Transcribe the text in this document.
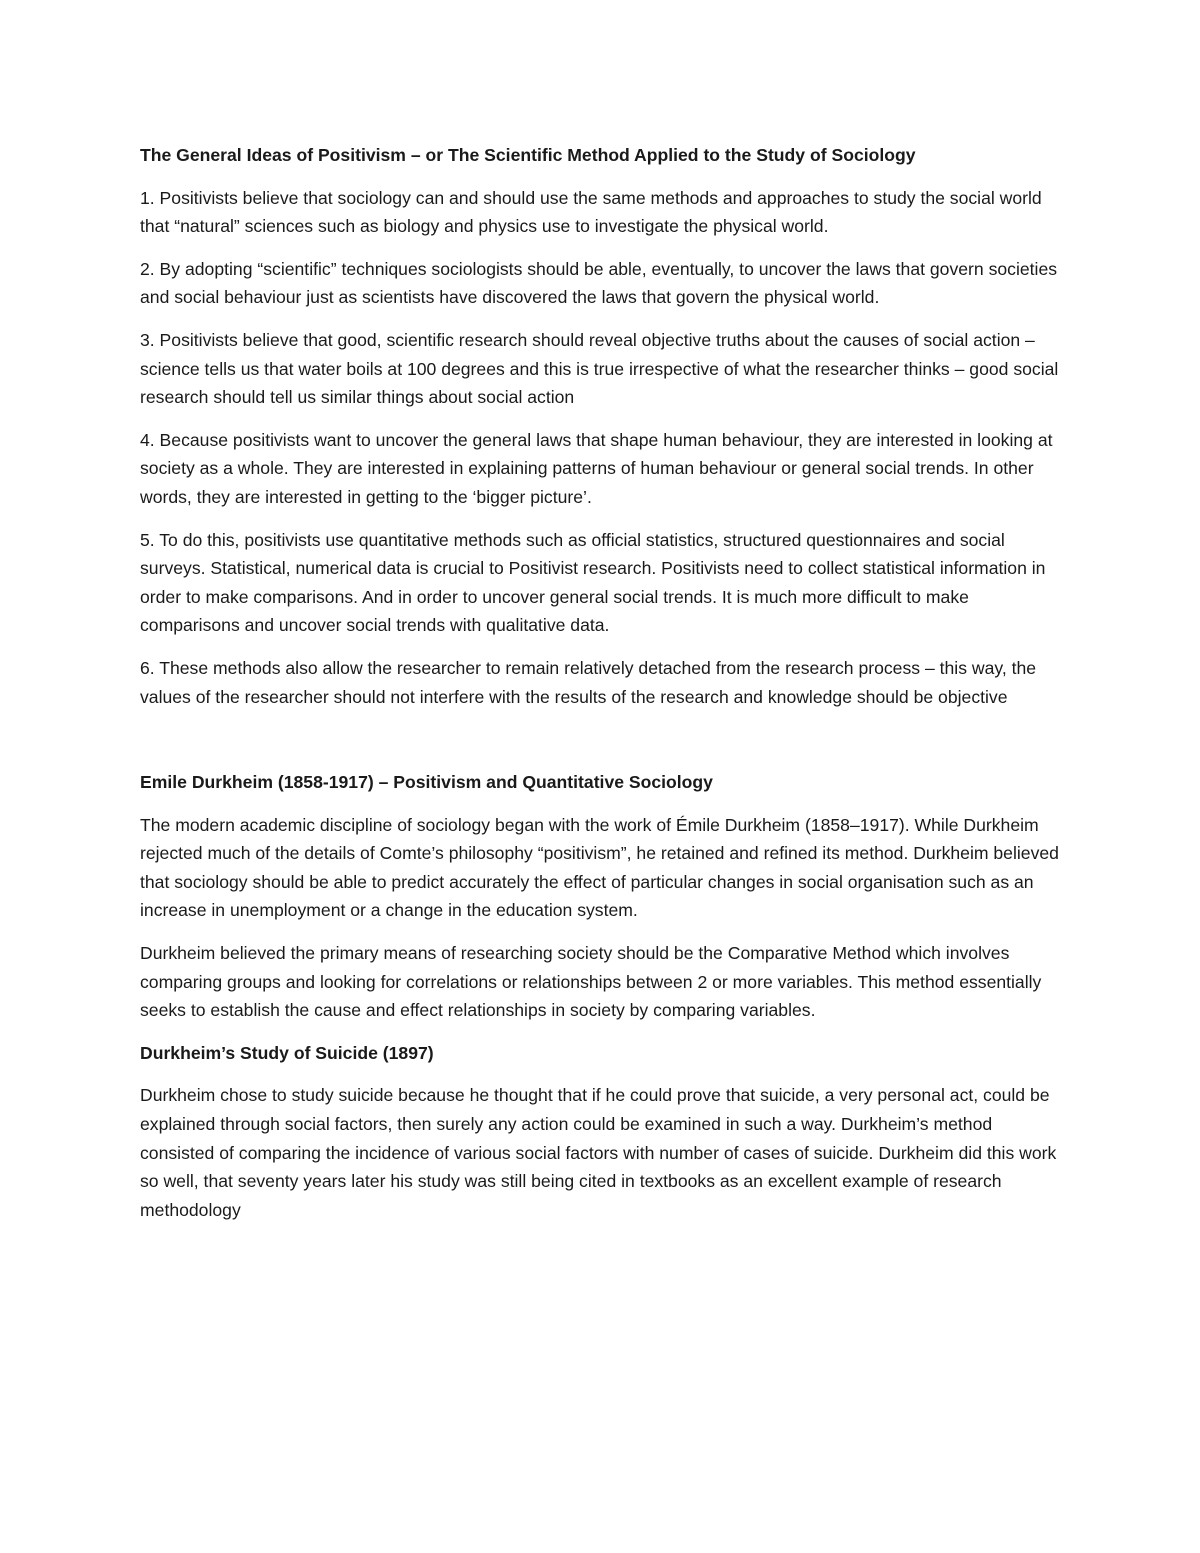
The General Ideas of Positivism – or The Scientific Method Applied to the Study of Sociology

1. Positivists believe that sociology can and should use the same methods and approaches to study the social world that “natural” sciences such as biology and physics use to investigate the physical world.

2. By adopting “scientific” techniques sociologists should be able, eventually, to uncover the laws that govern societies and social behaviour just as scientists have discovered the laws that govern the physical world.

3. Positivists believe that good, scientific research should reveal objective truths about the causes of social action – science tells us that water boils at 100 degrees and this is true irrespective of what the researcher thinks – good social research should tell us similar things about social action

4. Because positivists want to uncover the general laws that shape human behaviour, they are interested in looking at society as a whole. They are interested in explaining patterns of human behaviour or general social trends. In other words, they are interested in getting to the ‘bigger picture’.

5. To do this, positivists use quantitative methods such as official statistics, structured questionnaires and social surveys. Statistical, numerical data is crucial to Positivist research. Positivists need to collect statistical information in order to make comparisons. And in order to uncover general social trends. It is much more difficult to make comparisons and uncover social trends with qualitative data.

6. These methods also allow the researcher to remain relatively detached from the research process – this way, the values of the researcher should not interfere with the results of the research and knowledge should be objective

Emile Durkheim (1858-1917) – Positivism and Quantitative Sociology

The modern academic discipline of sociology began with the work of Émile Durkheim (1858–1917). While Durkheim rejected much of the details of Comte’s philosophy “positivism”, he retained and refined its method. Durkheim believed that sociology should be able to predict accurately the effect of particular changes in social organisation such as an increase in unemployment or a change in the education system.

Durkheim believed the primary means of researching society should be the Comparative Method which involves comparing groups and looking for correlations or relationships between 2 or more variables. This method essentially seeks to establish the cause and effect relationships in society by comparing variables.

Durkheim’s Study of Suicide (1897)

Durkheim chose to study suicide because he thought that if he could prove that suicide, a very personal act, could be explained through social factors, then surely any action could be examined in such a way. Durkheim’s method consisted of comparing the incidence of various social factors with number of cases of suicide. Durkheim did this work so well, that seventy years later his study was still being cited in textbooks as an excellent example of research methodology
